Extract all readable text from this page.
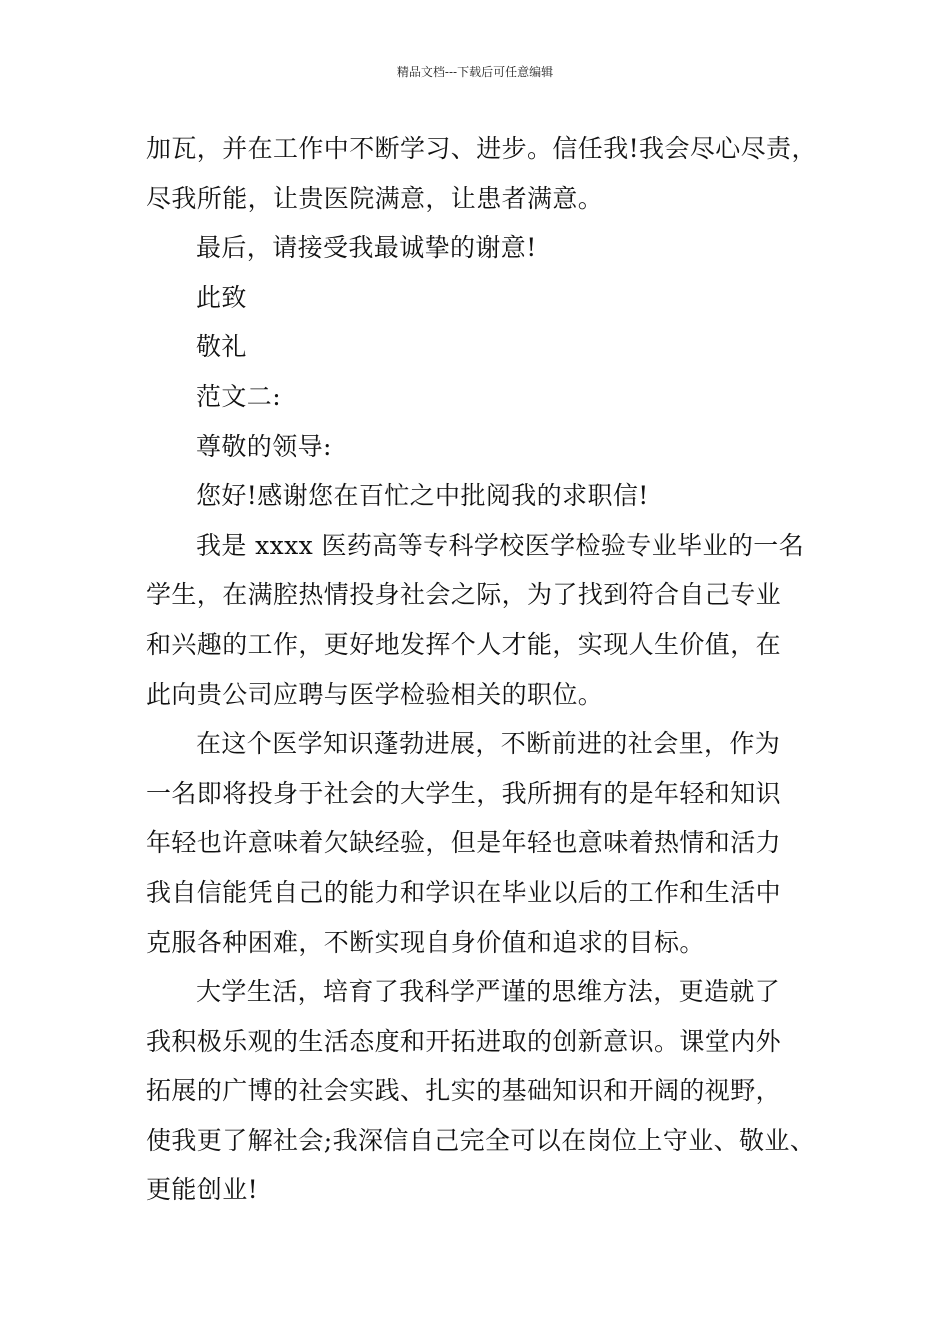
精品文档---下载后可任意编辑
加瓦，并在工作中不断学习、进步。信任我!我会尽心尽责，
尽我所能，让贵医院满意，让患者满意。
最后，请接受我最诚挚的谢意!
此致
敬礼
范文二:
尊敬的领导:
您好!感谢您在百忙之中批阅我的求职信!
我是 xxxx 医药高等专科学校医学检验专业毕业的一名
学生，在满腔热情投身社会之际，为了找到符合自己专业
和兴趣的工作，更好地发挥个人才能，实现人生价值，在
此向贵公司应聘与医学检验相关的职位。
在这个医学知识蓬勃进展，不断前进的社会里，作为
一名即将投身于社会的大学生，我所拥有的是年轻和知识
年轻也许意味着欠缺经验，但是年轻也意味着热情和活力
我自信能凭自己的能力和学识在毕业以后的工作和生活中
克服各种困难，不断实现自身价值和追求的目标。
大学生活，培育了我科学严谨的思维方法，更造就了
我积极乐观的生活态度和开拓进取的创新意识。课堂内外
拓展的广博的社会实践、扎实的基础知识和开阔的视野，
使我更了解社会;我深信自己完全可以在岗位上守业、敬业、
更能创业!
